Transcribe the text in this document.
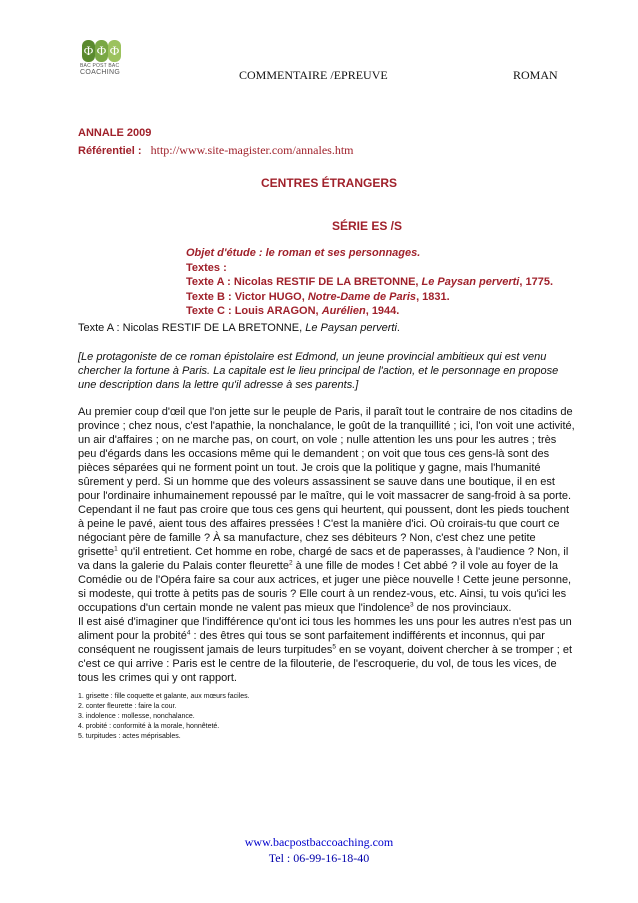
Φ Φ Φ
BAC POST BAC
COACHING	COMMENTAIRE /EPREUVE	ROMAN
ANNALE 2009
Référentiel : http://www.site-magister.com/annales.htm
CENTRES ÉTRANGERS
SÉRIE ES /S
Objet d'étude : le roman et ses personnages.
Textes :
Texte A : Nicolas RESTIF DE LA BRETONNE, Le Paysan perverti, 1775.
Texte B : Victor HUGO, Notre-Dame de Paris, 1831.
Texte C : Louis ARAGON, Aurélien, 1944.
Texte A : Nicolas RESTIF DE LA BRETONNE, Le Paysan perverti.

[Le protagoniste de ce roman épistolaire est Edmond, un jeune provincial ambitieux qui est venu
chercher la fortune à Paris. La capitale est le lieu principal de l'action, et le personnage en propose
une description dans la lettre qu'il adresse à ses parents.]

Au premier coup d'œil que l'on jette sur le peuple de Paris, il paraît tout le contraire de nos citadins de
province ; chez nous, c'est l'apathie, la nonchalance, le goût de la tranquillité ; ici, l'on voit une activité,
un air d'affaires ; on ne marche pas, on court, on vole ; nulle attention les uns pour les autres ; très
peu d'égards dans les occasions même qui le demandent ; on voit que tous ces gens-là sont des
pièces séparées qui ne forment point un tout. Je crois que la politique y gagne, mais l'humanité
sûrement y perd. Si un homme que des voleurs assassinent se sauve dans une boutique, il en est
pour l'ordinaire inhumainement repoussé par le maître, qui le voit massacrer de sang-froid à sa porte.
Cependant il ne faut pas croire que tous ces gens qui heurtent, qui poussent, dont les pieds touchent
à peine le pavé, aient tous des affaires pressées ! C'est la manière d'ici. Où croirais-tu que court ce
négociant père de famille ? À sa manufacture, chez ses débiteurs ? Non, c'est chez une petite
grisette$^1$ qu'il entretient. Cet homme en robe, chargé de sacs et de paperasses, à l'audience ? Non, il
va dans la galerie du Palais conter fleurette$^2$ à une fille de modes ! Cet abbé ? il vole au foyer de la
Comédie ou de l'Opéra faire sa cour aux actrices, et juger une pièce nouvelle ! Cette jeune personne,
si modeste, qui trotte à petits pas de souris ? Elle court à un rendez-vous, etc. Ainsi, tu vois qu'ici les
occupations d'un certain monde ne valent pas mieux que l'indolence$^3$ de nos provinciaux.
Il est aisé d'imaginer que l'indifférence qu'ont ici tous les hommes les uns pour les autres n'est pas un
aliment pour la probité$^4$ : des êtres qui tous se sont parfaitement indifférents et inconnus, qui par
conséquent ne rougissent jamais de leurs turpitudes$^5$ en se voyant, doivent chercher à se tromper ; et
c'est ce qui arrive : Paris est le centre de la filouterie, de l'escroquerie, du vol, de tous les vices, de
tous les crimes qui y ont rapport.

1. grisette : fille coquette et galante, aux mœurs faciles.
2. conter fleurette : faire la cour.
3. indolence : mollesse, nonchalance.
4. probité : conformité à la morale, honnêteté.
5. turpitudes : actes méprisables.
www.bacpostbaccoaching.com
Tel : 06-99-16-18-40
